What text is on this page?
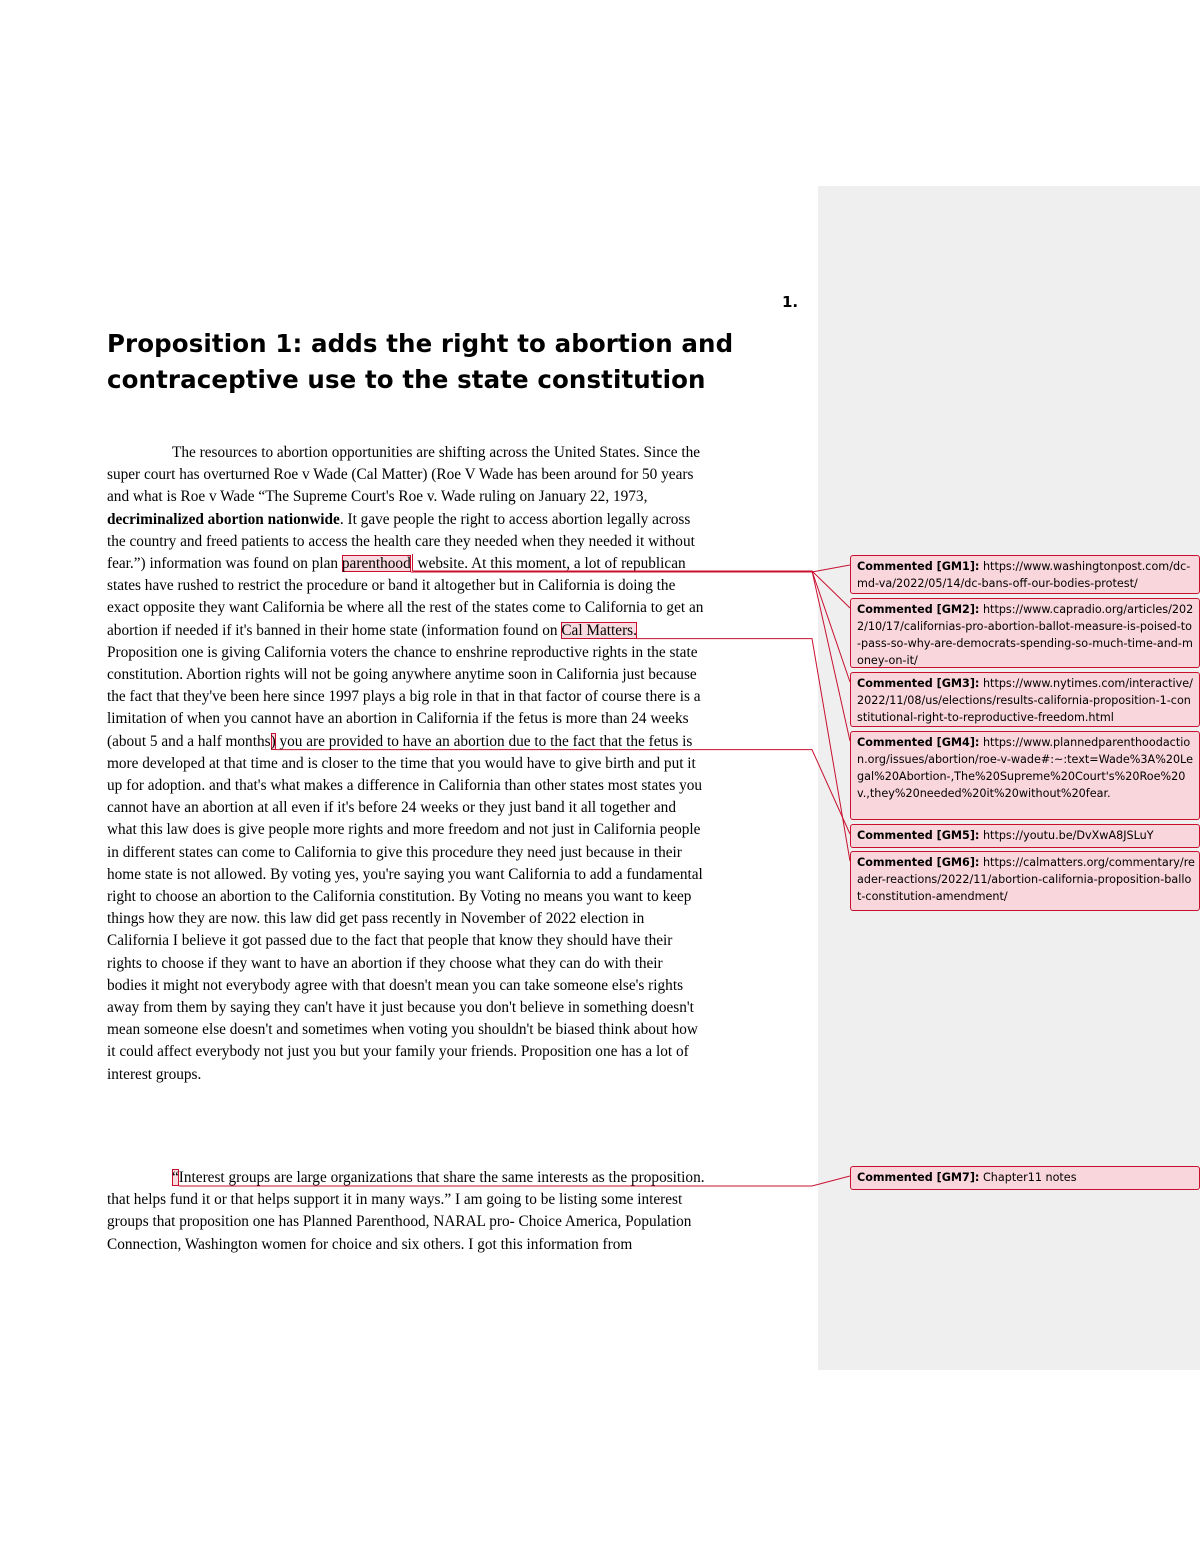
1.
Proposition 1: adds the right to abortion and contraceptive use to the state constitution
The resources to abortion opportunities are shifting across the United States. Since the
super court has overturned Roe v Wade (Cal Matter) (Roe V Wade has been around for 50 years
and what is Roe v Wade “The Supreme Court's Roe v. Wade ruling on January 22, 1973,
decriminalized abortion nationwide. It gave people the right to access abortion legally across
the country and freed patients to access the health care they needed when they needed it without
fear.”) information was found on plan parenthood website. At this moment, a lot of republican
states have rushed to restrict the procedure or band it altogether but in California is doing the
exact opposite they want California be where all the rest of the states come to California to get an
abortion if needed if it's banned in their home state (information found on Cal Matters.
Proposition one is giving California voters the chance to enshrine reproductive rights in the state
constitution. Abortion rights will not be going anywhere anytime soon in California just because
the fact that they've been here since 1997 plays a big role in that in that factor of course there is a
limitation of when you cannot have an abortion in California if the fetus is more than 24 weeks
(about 5 and a half months) you are provided to have an abortion due to the fact that the fetus is
more developed at that time and is closer to the time that you would have to give birth and put it
up for adoption. and that's what makes a difference in California than other states most states you
cannot have an abortion at all even if it's before 24 weeks or they just band it all together and
what this law does is give people more rights and more freedom and not just in California people
in different states can come to California to give this procedure they need just because in their
home state is not allowed. By voting yes, you're saying you want California to add a fundamental
right to choose an abortion to the California constitution. By Voting no means you want to keep
things how they are now. this law did get pass recently in November of 2022 election in
California I believe it got passed due to the fact that people that know they should have their
rights to choose if they want to have an abortion if they choose what they can do with their
bodies it might not everybody agree with that doesn't mean you can take someone else's rights
away from them by saying they can't have it just because you don't believe in something doesn't
mean someone else doesn't and sometimes when voting you shouldn't be biased think about how
it could affect everybody not just you but your family your friends. Proposition one has a lot of
interest groups.
“Interest groups are large organizations that share the same interests as the proposition.
that helps fund it or that helps support it in many ways.” I am going to be listing some interest
groups that proposition one has Planned Parenthood, NARAL pro- Choice America, Population
Connection, Washington women for choice and six others. I got this information from
Commented [GM1]: https://www.washingtonpost.com/dc-md-va/2022/05/14/dc-bans-off-our-bodies-protest/
Commented [GM2]: https://www.capradio.org/articles/2022/10/17/californias-pro-abortion-ballot-measure-is-poised-to-pass-so-why-are-democrats-spending-so-much-time-and-money-on-it/
Commented [GM3]: https://www.nytimes.com/interactive/2022/11/08/us/elections/results-california-proposition-1-constitutional-right-to-reproductive-freedom.html
Commented [GM4]: https://www.plannedparenthoodaction.org/issues/abortion/roe-v-wade#:~:text=Wade%3A%20Legal%20Abortion-,The%20Supreme%20Court's%20Roe%20v.,they%20needed%20it%20without%20fear.
Commented [GM5]: https://youtu.be/DvXwA8JSLuY
Commented [GM6]: https://calmatters.org/commentary/reader-reactions/2022/11/abortion-california-proposition-ballot-constitution-amendment/
Commented [GM7]: Chapter11 notes
